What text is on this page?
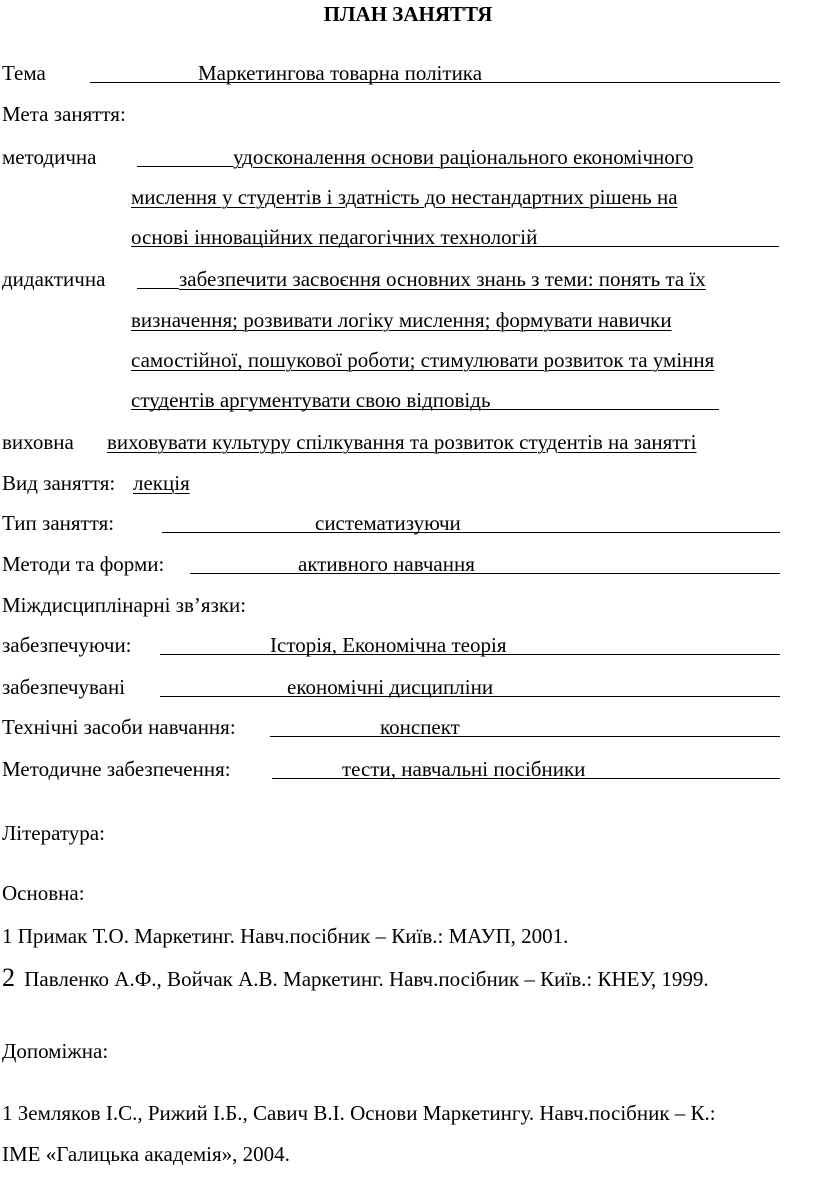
ПЛАН ЗАНЯТТЯ
Тема	Маркетингова товарна політика
Мета заняття:
методична	удосконалення основи раціонального економічного
мислення у студентів і здатність до нестандартних рішень на
основі інноваційних педагогічних технологій
дидактична	забезпечити засвоєння основних знань з теми: понять та їх
визначення; розвивати логіку мислення; формувати навички
самостійної, пошукової роботи; стимулювати розвиток та уміння
студентів аргументувати свою відповідь
виховна виховувати культуру спілкування та розвиток студентів на занятті
Вид заняття: лекція
Тип заняття:	систематизуючи
Методи та форми:	активного навчання
Міждисциплінарні зв’язки:
забезпечуючи:	Історія, Економічна теорія
забезпечувані	економічні дисципліни
Технічні засоби навчання:	конспект
Методичне забезпечення:	тести, навчальні посібники
Література:
Основна:
1 Примак Т.О. Маркетинг. Навч.посібник – Київ.: МАУП, 2001.
2 Павленко А.Ф., Войчак А.В. Маркетинг. Навч.посібник – Київ.: КНЕУ, 1999.
Допоміжна:
1 Земляков І.С., Рижий І.Б., Савич В.І. Основи Маркетингу. Навч.посібник – К.:
ІМЕ «Галицька академія», 2004.
